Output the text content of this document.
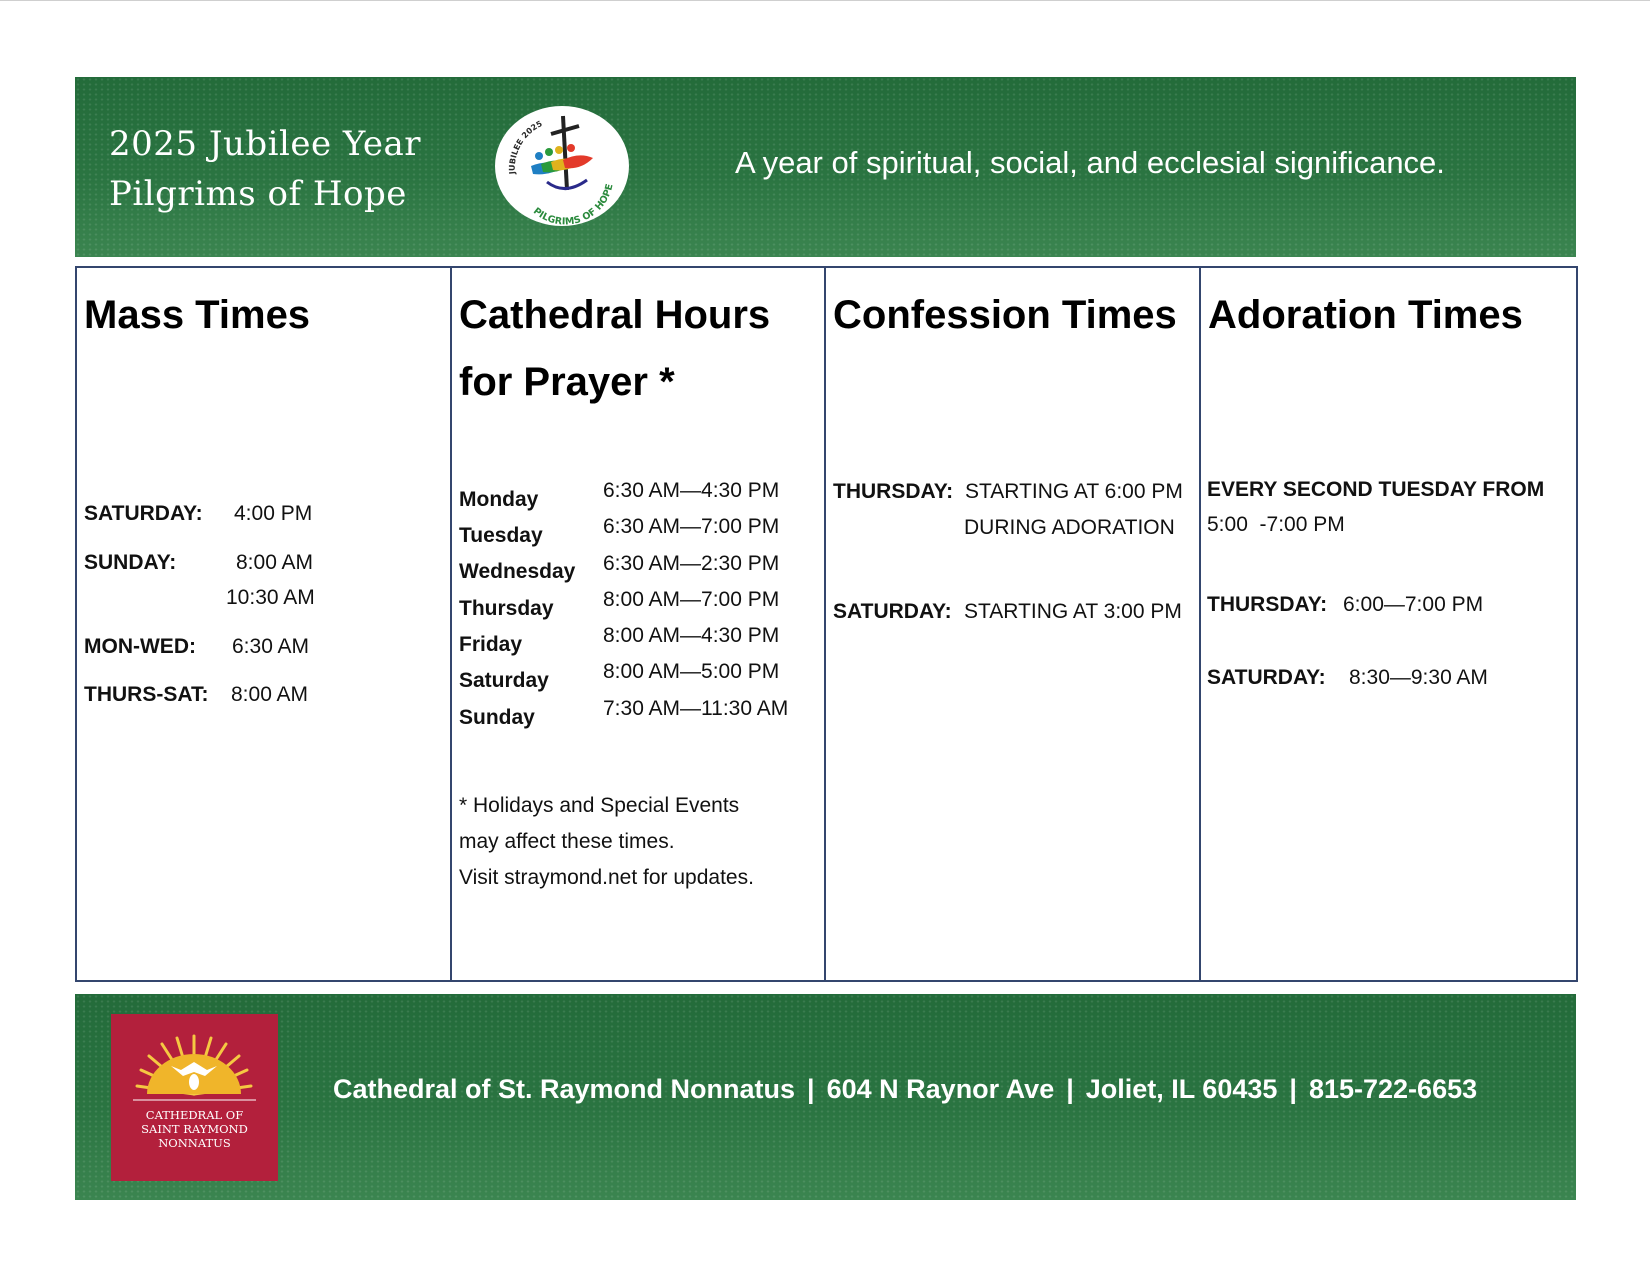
2025 Jubilee Year
Pilgrims of Hope
JUBILEE 2025
PILGRIMS OF HOPE
A year of spiritual, social, and ecclesial significance.
Mass Times
SATURDAY: 4:00 PM
SUNDAY:	8:00 AM
10:30 AM
MON-WED: 6:30 AM
THURS-SAT: 8:00 AM
Cathedral Hours
for Prayer *
Monday	6:30 AM—4:30 PM
Tuesday	6:30 AM—7:00 PM
Wednesday 6:30 AM—2:30 PM
Thursday 8:00 AM—7:00 PM
Friday	8:00 AM—4:30 PM
Saturday	8:00 AM—5:00 PM
Sunday	7:30 AM—11:30 AM
* Holidays and Special Events
may affect these times.
Visit straymond.net for updates.
Confession Times
THURSDAY: STARTING AT 6:00 PM
DURING ADORATION
SATURDAY: STARTING AT 3:00 PM
Adoration Times
EVERY SECOND TUESDAY FROM
5:00  -7:00 PM
THURSDAY: 6:00—7:00 PM
SATURDAY: 8:30—9:30 AM
CATHEDRAL OF
SAINT RAYMOND
NONNATUS
Cathedral of St. Raymond Nonnatus | 604 N Raynor Ave | Joliet, IL 60435 | 815-722-6653
